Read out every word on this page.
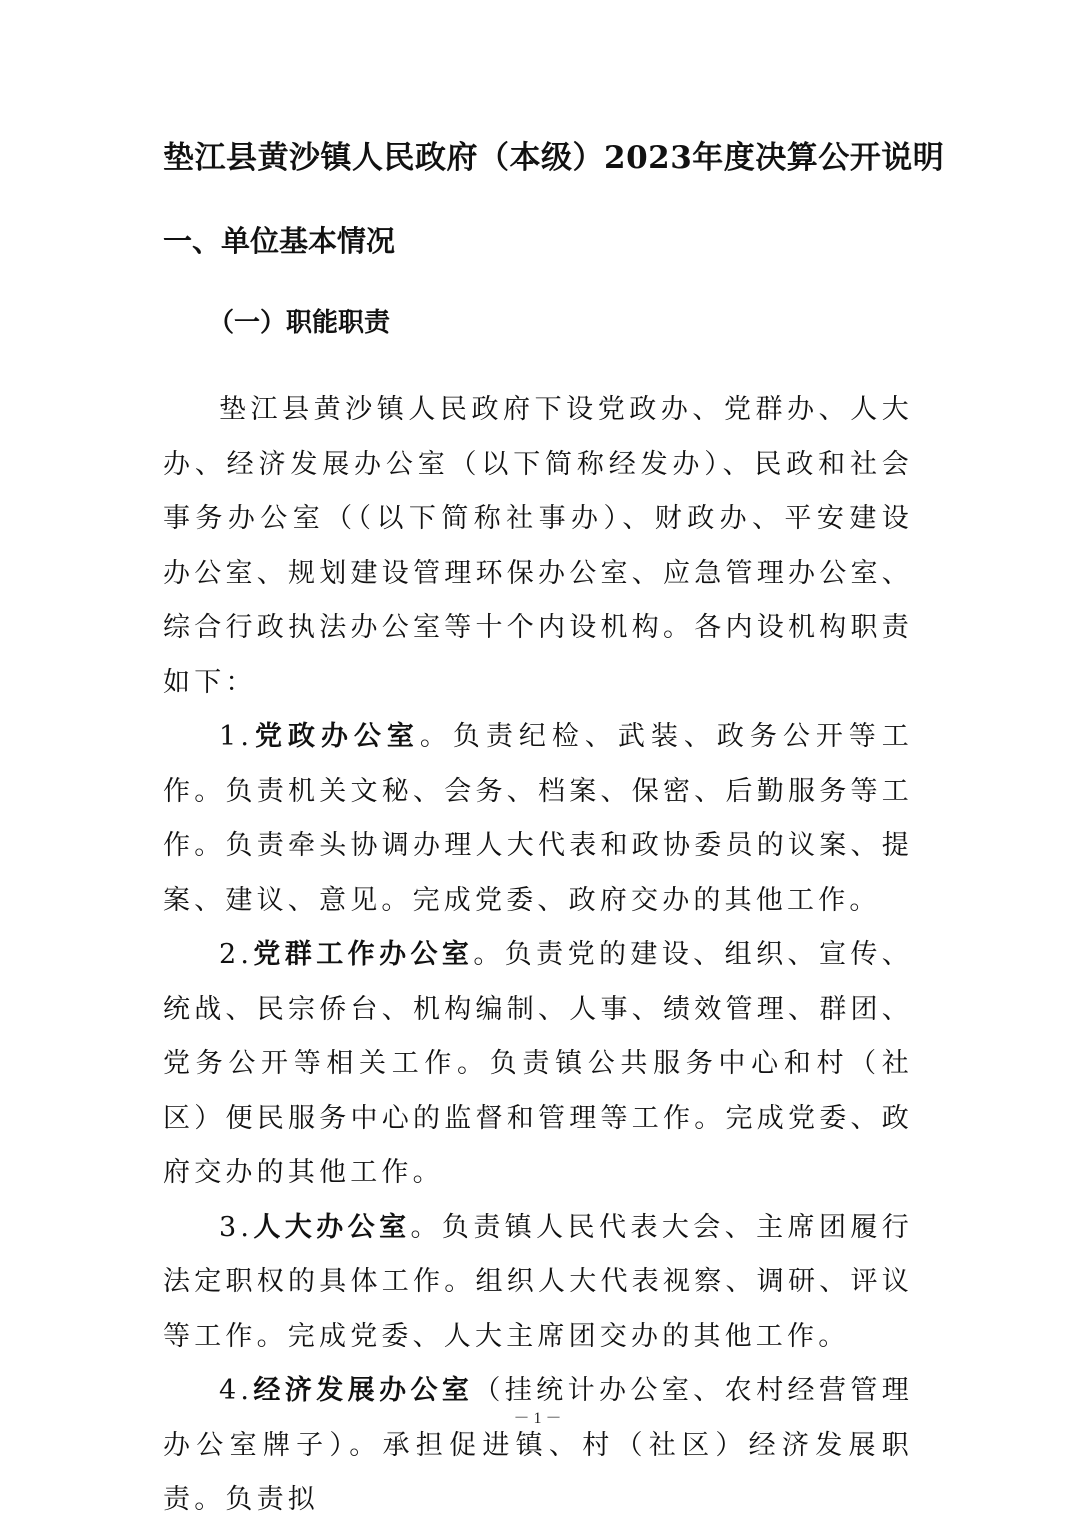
垫江县黄沙镇人民政府（本级）2023年度决算公开说明
一、单位基本情况
（一）职能职责

垫江县黄沙镇人民政府下设党政办、党群办、人大办、经济发展办公室（以下简称经发办）、民政和社会事务办公室（（以下简称社事办）、财政办、平安建设办公室、规划建设管理环保办公室、应急管理办公室、综合行政执法办公室等十个内设机构。各内设机构职责如下：

1.党政办公室。负责纪检、武装、政务公开等工作。负责机关文秘、会务、档案、保密、后勤服务等工作。负责牵头协调办理人大代表和政协委员的议案、提案、建议、意见。完成党委、政府交办的其他工作。

2.党群工作办公室。负责党的建设、组织、宣传、统战、民宗侨台、机构编制、人事、绩效管理、群团、党务公开等相关工作。负责镇公共服务中心和村（社区）便民服务中心的监督和管理等工作。完成党委、政府交办的其他工作。

3.人大办公室。负责镇人民代表大会、主席团履行法定职权的具体工作。组织人大代表视察、调研、评议等工作。完成党委、人大主席团交办的其他工作。

4.经济发展办公室（挂统计办公室、农村经营管理办公室牌子）。承担促进镇、村（社区）经济发展职责。负责拟

－ 1 －
